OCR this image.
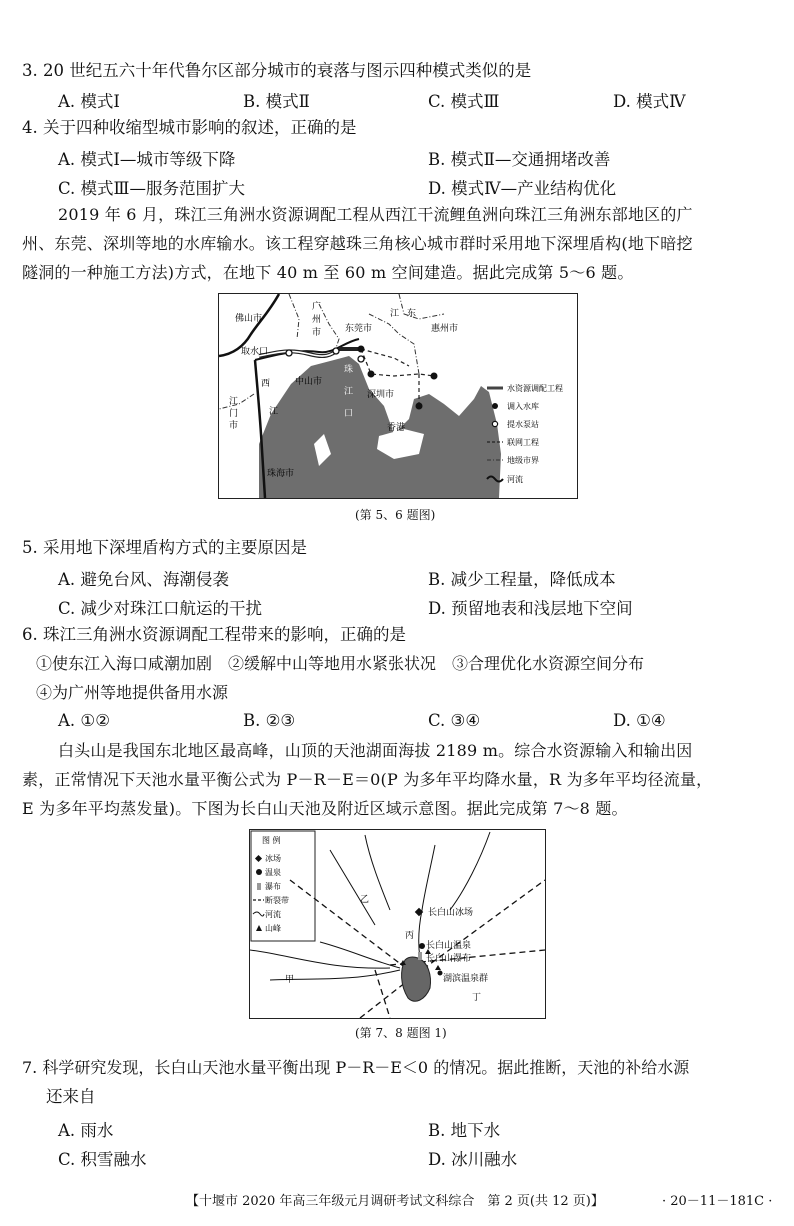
3. 20 世纪五六十年代鲁尔区部分城市的衰落与图示四种模式类似的是
A. 模式Ⅰ	B. 模式Ⅱ	C. 模式Ⅲ	D. 模式Ⅳ
4. 关于四种收缩型城市影响的叙述，正确的是
A. 模式Ⅰ—城市等级下降	B. 模式Ⅱ—交通拥堵改善
C. 模式Ⅲ—服务范围扩大	D. 模式Ⅳ—产业结构优化
2019 年 6 月，珠江三角洲水资源调配工程从西江干流鲤鱼洲向珠江三角洲东部地区的广
州、东莞、深圳等地的水库输水。该工程穿越珠三角核心城市群时采用地下深埋盾构(地下暗挖
隧洞的一种施工方法)方式，在地下 40 m 至 60 m 空间建造。据此完成第 5～6 题。
佛山市
广
州
市	东莞市
江 东
惠州市
取水口
西
江
江
门
市
中山市
珠
江
口
深圳市
香港
珠海市
水资源调配工程
调入水库
提水泵站
联网工程
地级市界
河流
(第 5、6 题图)
5. 采用地下深埋盾构方式的主要原因是
A. 避免台风、海潮侵袭	B. 减少工程量，降低成本
C. 减少对珠江口航运的干扰	D. 预留地表和浅层地下空间
6. 珠江三角洲水资源调配工程带来的影响，正确的是
①使东江入海口咸潮加剧　②缓解中山等地用水紧张状况　③合理优化水资源空间分布
④为广州等地提供备用水源
A. ①②	B. ②③	C. ③④	D. ①④
白头山是我国东北地区最高峰，山顶的天池湖面海拔 2189 m。综合水资源输入和输出因
素，正常情况下天池水量平衡公式为 P－R－E＝0(P 为多年平均降水量，R 为多年平均径流量，
E 为多年平均蒸发量)。下图为长白山天池及附近区域示意图。据此完成第 7～8 题。
图 例
冰场
温泉
瀑布
断裂带
河流
山峰
长白山冰场
长白山温泉
长白山瀑布
湖滨温泉群
乙
丙
甲
丁
(第 7、8 题图 1)
7. 科学研究发现，长白山天池水量平衡出现 P－R－E＜0 的情况。据此推断，天池的补给水源
还来自
A. 雨水	B. 地下水
C. 积雪融水	D. 冰川融水
【十堰市 2020 年高三年级元月调研考试文科综合　第 2 页(共 12 页)】	· 20－11－181C ·
